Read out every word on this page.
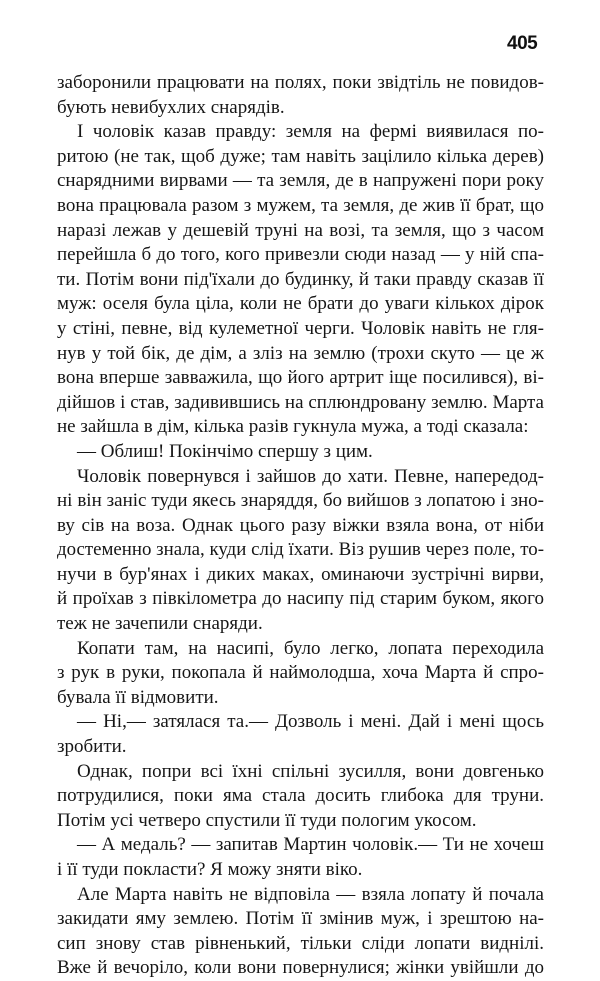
405
заборонили працювати на полях, поки звідтіль не повидов-
бують невибухлих снарядів.
І чоловік казав правду: земля на фермі виявилася по-
ритою (не так, щоб дуже; там навіть зацілило кілька дерев)
снарядними вирвами — та земля, де в напруженi пори року
вона працювала разом з мужем, та земля, де жив її брат, що
наразі лежав у дешевій труні на возі, та земля, що з часом
перейшла б до того, кого привезли сюди назад — у ній спа-
ти. Потім вони під'їхали до будинку, й таки правду сказав її
муж: оселя була ціла, коли не брати до уваги кількох дірок
у стіні, певне, від кулеметної черги. Чоловік навіть не гля-
нув у той бік, де дім, а зліз на землю (трохи скуто — це ж
вона вперше завважила, що його артрит іще посилився), ві-
дійшов і став, задивившись на сплюндровану землю. Марта
не зайшла в дім, кілька разів гукнула мужа, а тоді сказала:
— Облиш! Покінчімо спершу з цим.
Чоловік повернувся і зайшов до хати. Певне, напередод-
ні він заніс туди якесь знаряддя, бо вийшов з лопатою і зно-
ву сів на воза. Однак цього разу віжки взяла вона, от ніби
достеменно знала, куди слід їхати. Віз рушив через поле, то-
нучи в бур'янах і диких маках, оминаючи зустрічні вирви,
й проїхав з півкілометра до насипу під старим буком, якого
теж не зачепили снаряди.
Копати там, на насипі, було легко, лопата переходила
з рук в руки, покопала й наймолодша, хоча Марта й спро-
бувала її відмовити.
— Ні,— затялася та.— Дозволь і мені. Дай і мені щось
зробити.
Однак, попри всі їхні спільні зусилля, вони довгенько
потрудилися, поки яма стала досить глибока для труни.
Потім усі четверо спустили її туди пологим укосом.
— А медаль? — запитав Мартин чоловік.— Ти не хочеш
і її туди покласти? Я можу зняти віко.
Але Марта навіть не відповіла — взяла лопату й почала
закидати яму землею. Потім її змінив муж, і зрештою на-
сип знову став рівненький, тільки сліди лопати виднілі.
Вже й вечоріло, коли вони повернулися; жінки увійшли до
